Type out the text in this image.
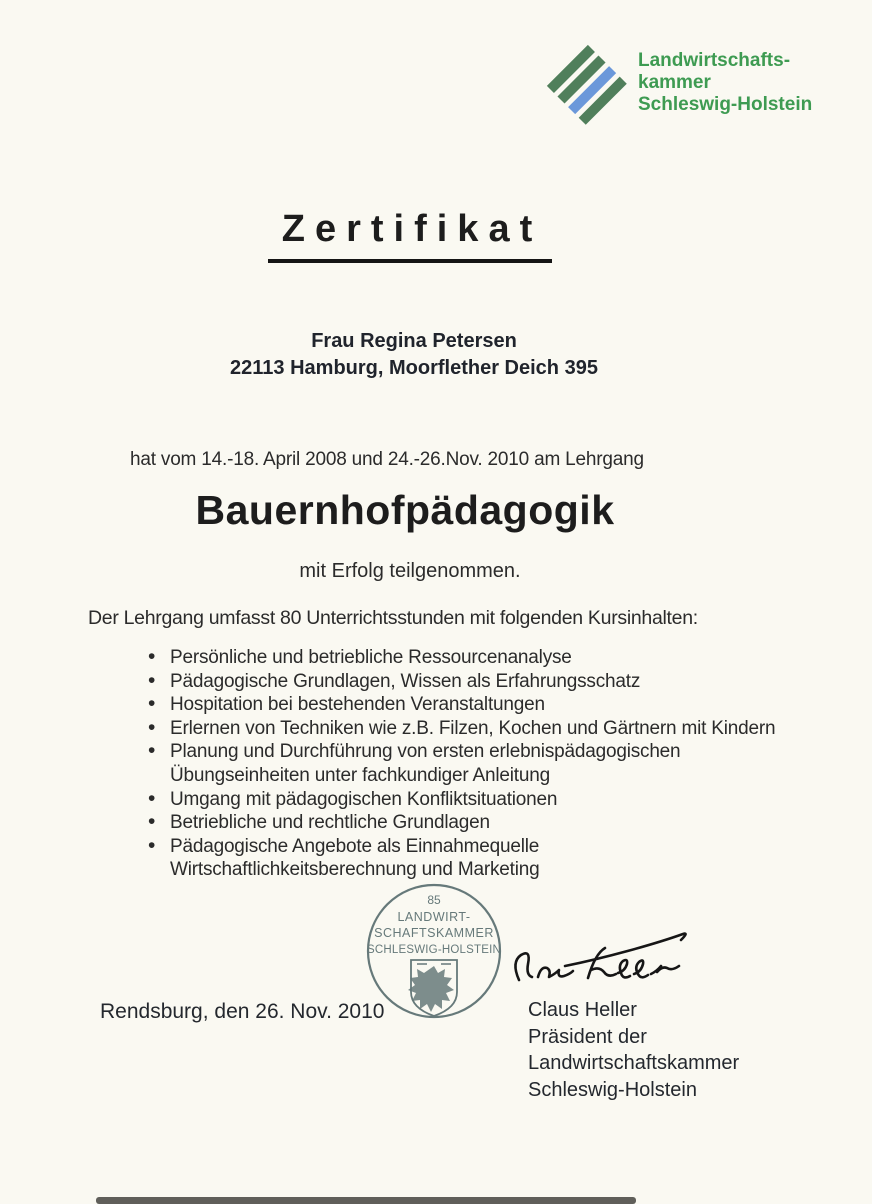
Landwirtschafts-
kammer
Schleswig-Holstein
Zertifikat
Frau Regina Petersen
22113 Hamburg, Moorflether Deich 395
hat vom 14.-18. April 2008 und 24.-26.Nov. 2010 am Lehrgang
Bauernhofpädagogik
mit Erfolg teilgenommen.
Der Lehrgang umfasst 80 Unterrichtsstunden mit folgenden Kursinhalten:
• Persönliche und betriebliche Ressourcenanalyse
• Pädagogische Grundlagen, Wissen als Erfahrungsschatz
• Hospitation bei bestehenden Veranstaltungen
• Erlernen von Techniken wie z.B. Filzen, Kochen und Gärtnern mit Kindern
• Planung und Durchführung von ersten erlebnispädagogischen Übungseinheiten unter fachkundiger Anleitung
• Umgang mit pädagogischen Konfliktsituationen
• Betriebliche und rechtliche Grundlagen
• Pädagogische Angebote als Einnahmequelle
Wirtschaftlichkeitsberechnung und Marketing
85
LANDWIRT-
SCHAFTSKAMMER
SCHLESWIG-HOLSTEIN
Rendsburg, den 26. Nov. 2010	Claus Heller
Präsident der
Landwirtschaftskammer
Schleswig-Holstein
